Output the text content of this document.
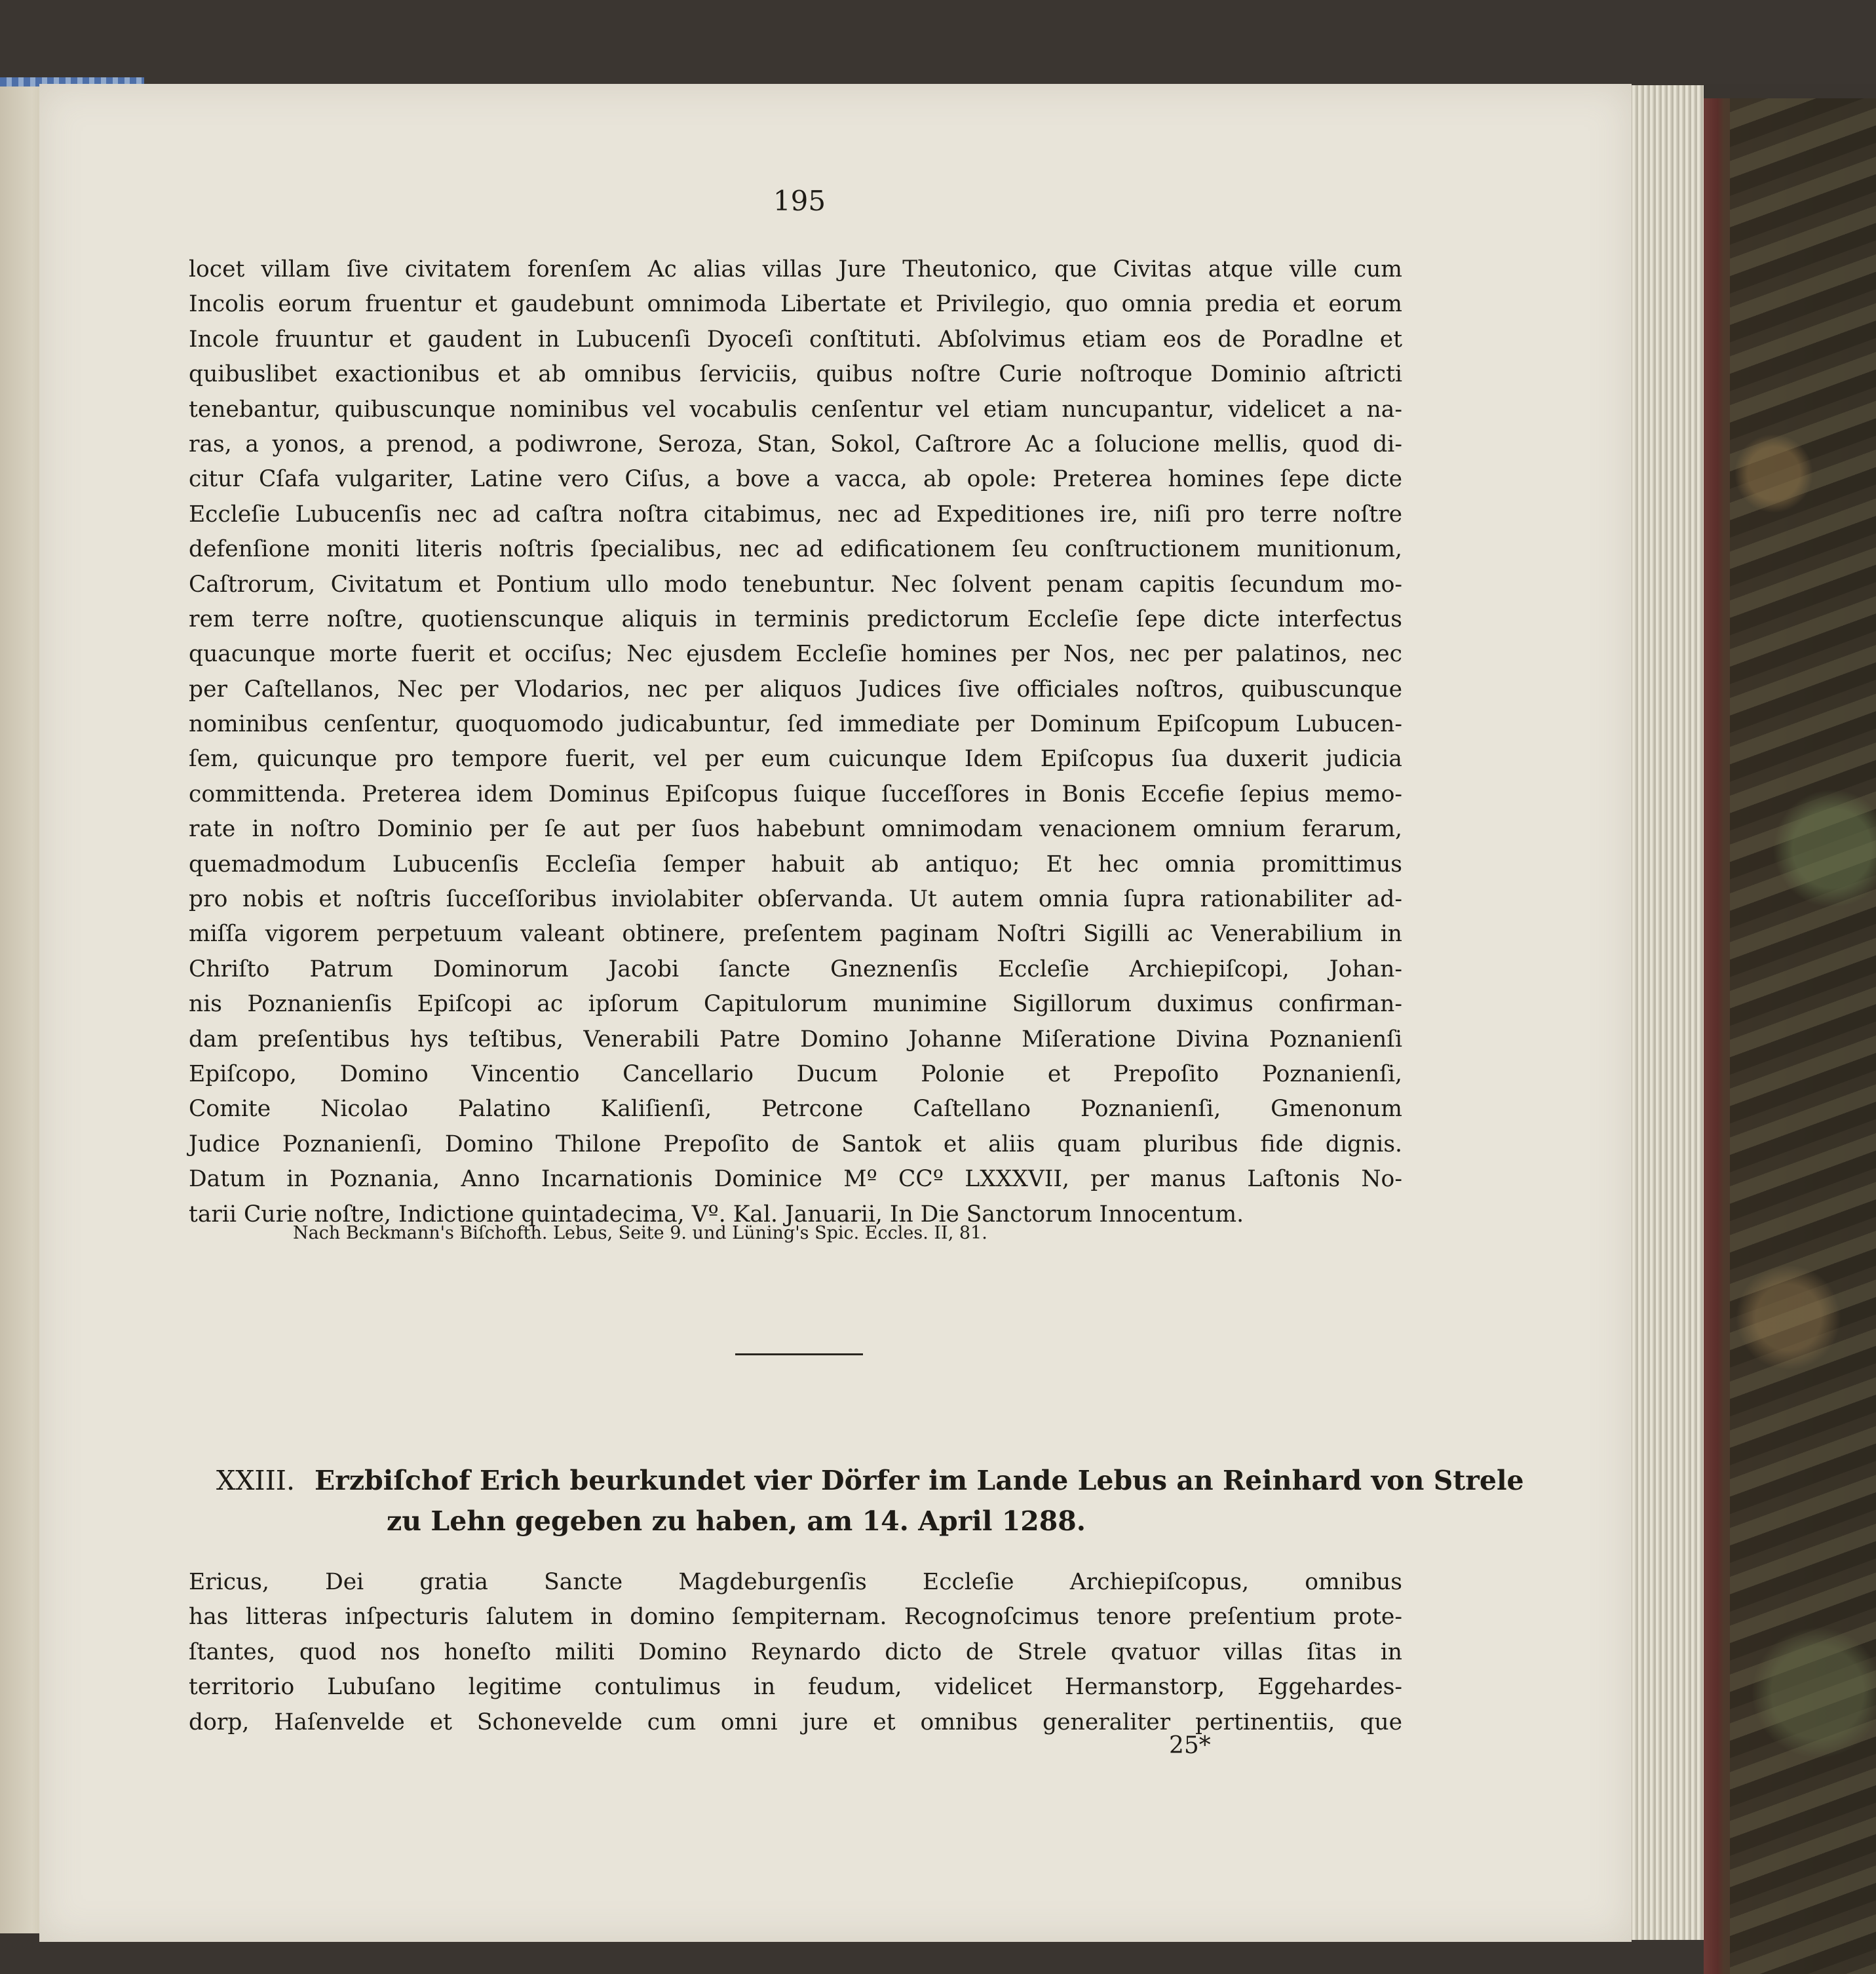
195
locet villam ſive civitatem forenſem Ac alias villas Jure Theutonico, que Civitas atque ville cum
Incolis eorum fruentur et gaudebunt omnimoda Libertate et Privilegio, quo omnia predia et eorum
Incole fruuntur et gaudent in Lubucenſi Dyoceſi conſtituti. Abſolvimus etiam eos de Poradlne et
quibuslibet exactionibus et ab omnibus ſerviciis, quibus noſtre Curie noſtroque Dominio aſtricti
tenebantur, quibuscunque nominibus vel vocabulis cenſentur vel etiam nuncupantur, videlicet a na-
ras, a yonos, a prenod, a podiwrone, Seroza, Stan, Sokol, Caſtrore Ac a ſolucione mellis, quod di-
citur Cſafa vulgariter, Latine vero Ciſus, a bove a vacca, ab opole: Preterea homines ſepe dicte
Eccleſie Lubucenſis nec ad caſtra noſtra citabimus, nec ad Expeditiones ire, niſi pro terre noſtre
defenſione moniti literis noſtris ſpecialibus, nec ad edificationem ſeu conſtructionem munitionum,
Caſtrorum, Civitatum et Pontium ullo modo tenebuntur. Nec ſolvent penam capitis ſecundum mo-
rem terre noſtre, quotienscunque aliquis in terminis predictorum Eccleſie ſepe dicte interfectus
quacunque morte fuerit et occiſus; Nec ejusdem Eccleſie homines per Nos, nec per palatinos, nec
per Caſtellanos, Nec per Vlodarios, nec per aliquos Judices ſive officiales noſtros, quibuscunque
nominibus cenſentur, quoquomodo judicabuntur, ſed immediate per Dominum Epiſcopum Lubucen-
ſem, quicunque pro tempore fuerit, vel per eum cuicunque Idem Epiſcopus ſua duxerit judicia
committenda. Preterea idem Dominus Epiſcopus ſuique ſucceſſores in Bonis Eccefie ſepius memo-
rate in noſtro Dominio per ſe aut per ſuos habebunt omnimodam venacionem omnium ferarum,
quemadmodum Lubucenſis Eccleſia ſemper habuit ab antiquo; Et hec omnia promittimus
pro nobis et noſtris ſucceſſoribus inviolabiter obſervanda. Ut autem omnia ſupra rationabiliter ad-
miſſa vigorem perpetuum valeant obtinere, preſentem paginam Noſtri Sigilli ac Venerabilium in
Chriſto Patrum Dominorum Jacobi ſancte Gneznenſis Eccleſie Archiepiſcopi, Johan-
nis Poznanienſis Epiſcopi ac ipſorum Capitulorum munimine Sigillorum duximus confirman-
dam preſentibus hys teſtibus, Venerabili Patre Domino Johanne Miſeratione Divina Poznanienſi
Epiſcopo, Domino Vincentio Cancellario Ducum Polonie et Prepoſito Poznanienſi,
Comite Nicolao Palatino Kaliſienſi, Petrcone Caſtellano Poznanienſi, Gmenonum
Judice Poznanienſi, Domino Thilone Prepoſito de Santok et aliis quam pluribus fide dignis.
Datum in Poznania, Anno Incarnationis Dominice Mº CCº LXXXVII, per manus Laſtonis No-
tarii Curie noſtre, Indictione quintadecima, Vº. Kal. Januarii, In Die Sanctorum Innocentum.
Nach Beckmann's Biſchofth. Lebus, Seite 9. und Lüning's Spic. Eccles. II, 81.
XXIII. Erzbiſchof Erich beurkundet vier Dörfer im Lande Lebus an Reinhard von Strele
zu Lehn gegeben zu haben, am 14. April 1288.
Ericus, Dei gratia Sancte Magdeburgenſis Eccleſie Archiepiſcopus, omnibus
has litteras inſpecturis ſalutem in domino ſempiternam. Recognoſcimus tenore preſentium prote-
ſtantes, quod nos honeſto militi Domino Reynardo dicto de Strele qvatuor villas ſitas in
territorio Lubuſano legitime contulimus in feudum, videlicet Hermanstorp, Eggehardes-
dorp, Haſenvelde et Schonevelde cum omni jure et omnibus generaliter pertinentiis, que
25*
